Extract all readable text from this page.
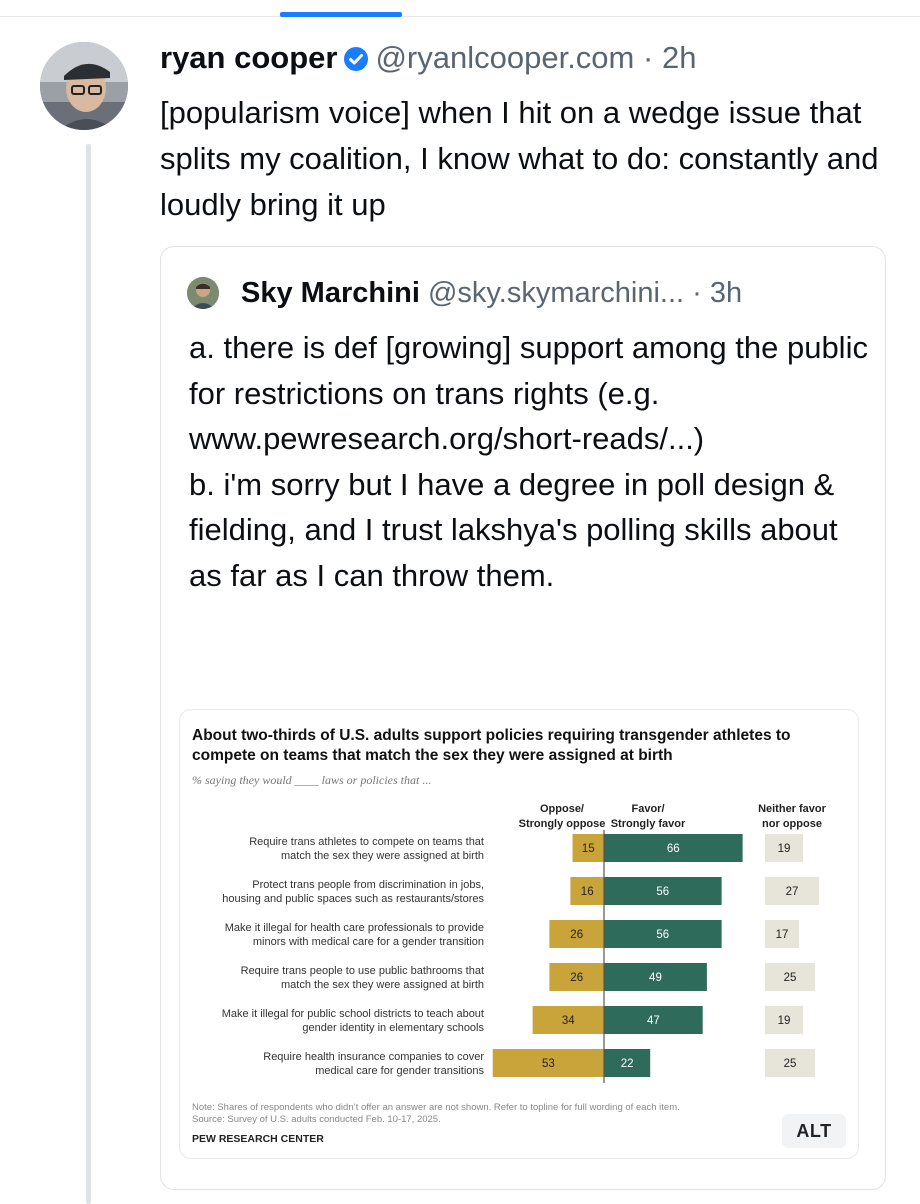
ryan cooper @ryanlcooper.com · 2h
[popularism voice] when I hit on a wedge issue that splits my coalition, I know what to do: constantly and loudly bring it up
Sky Marchini @sky.skymarchini... · 3h
a. there is def [growing] support among the public for restrictions on trans rights (e.g. www.pewresearch.org/short-reads/...)
b. i'm sorry but I have a degree in poll design & fielding, and I trust lakshya's polling skills about as far as I can throw them.
About two-thirds of U.S. adults support policies requiring transgender athletes to
compete on teams that match the sex they were assigned at birth
% saying they would ____ laws or policies that ...
Oppose/
Strongly oppose
Favor/
Strongly favor
Neither favor
nor oppose
Require trans athletes to compete on teams that
match the sex they were assigned at birth
15	66	19
Protect trans people from discrimination in jobs,
housing and public spaces such as restaurants/stores
16	56	27
Make it illegal for health care professionals to provide
minors with medical care for a gender transition
26	56	17
Require trans people to use public bathrooms that
match the sex they were assigned at birth
26	49	25
Make it illegal for public school districts to teach about
gender identity in elementary schools
34	47	19
Require health insurance companies to cover
medical care for gender transitions
53	22	25
Note: Shares of respondents who didn’t offer an answer are not shown. Refer to topline for full wording of each item.
Source: Survey of U.S. adults conducted Feb. 10-17, 2025.
PEW RESEARCH CENTER	ALT
